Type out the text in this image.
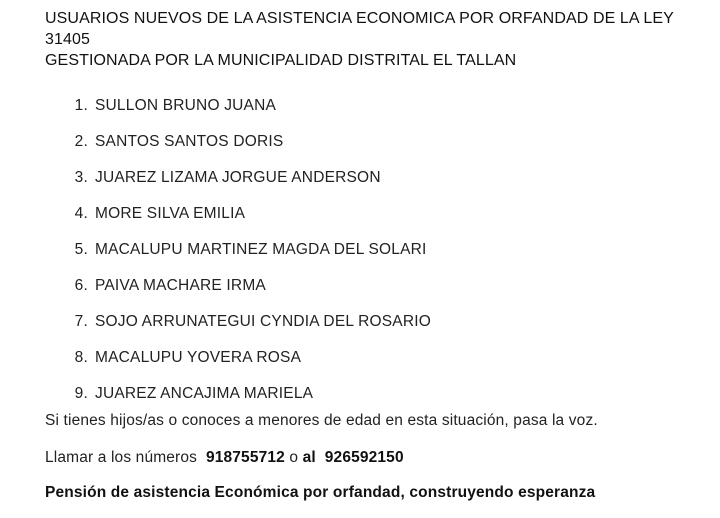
USUARIOS NUEVOS DE LA ASISTENCIA ECONOMICA POR ORFANDAD DE LA LEY
31405
GESTIONADA POR LA MUNICIPALIDAD DISTRITAL EL TALLAN
1. SULLON BRUNO JUANA
2. SANTOS SANTOS DORIS
3. JUAREZ LIZAMA JORGUE ANDERSON
4. MORE SILVA EMILIA
5. MACALUPU MARTINEZ MAGDA DEL SOLARI
6. PAIVA MACHARE IRMA
7. SOJO ARRUNATEGUI CYNDIA DEL ROSARIO
8. MACALUPU YOVERA ROSA
9. JUAREZ ANCAJIMA MARIELA
Si tienes hijos/as o conoces a menores de edad en esta situación, pasa la voz.
Llamar a los números 918755712 o al 926592150
Pensión de asistencia Económica por orfandad, construyendo esperanza
